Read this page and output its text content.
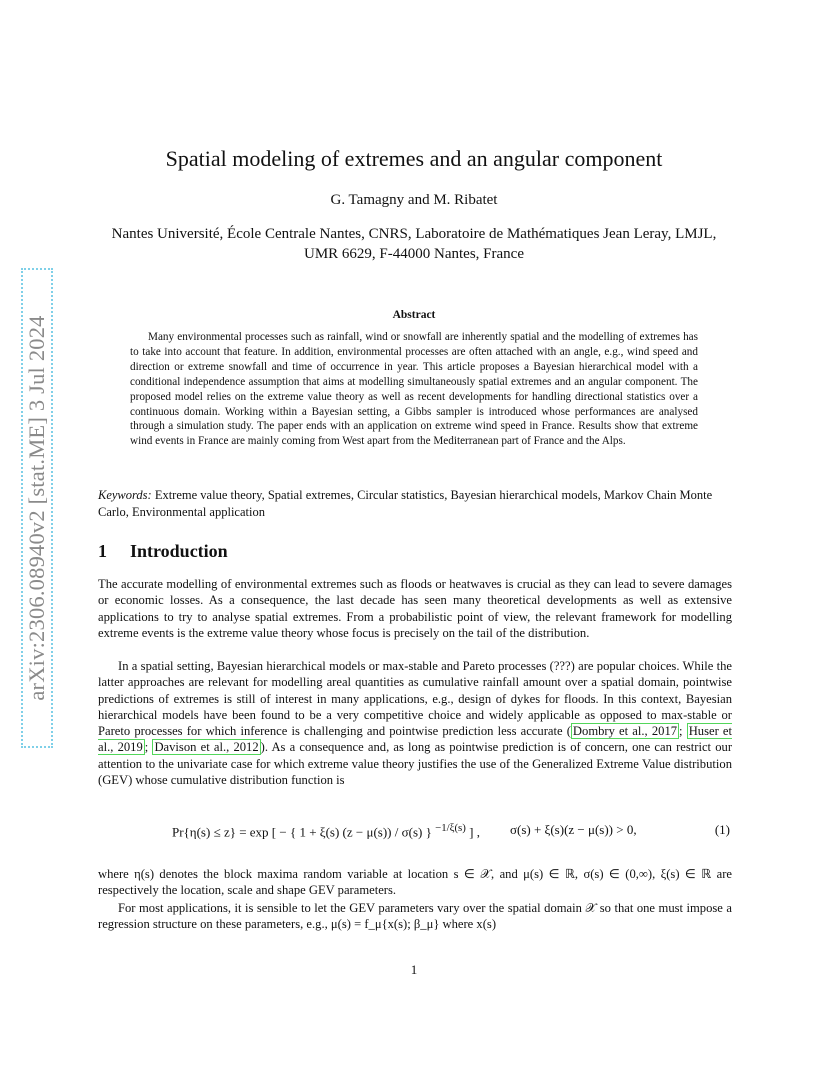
arXiv:2306.08940v2 [stat.ME] 3 Jul 2024
Spatial modeling of extremes and an angular component
G. Tamagny and M. Ribatet
Nantes Université, École Centrale Nantes, CNRS, Laboratoire de Mathématiques Jean Leray, LMJL, UMR 6629, F-44000 Nantes, France
Abstract

Many environmental processes such as rainfall, wind or snowfall are inherently spatial and the modelling of extremes has to take into account that feature. In addition, environmental processes are often attached with an angle, e.g., wind speed and direction or extreme snowfall and time of occurrence in year. This article proposes a Bayesian hierarchical model with a conditional independence assumption that aims at modelling simultaneously spatial extremes and an angular component. The proposed model relies on the extreme value theory as well as recent developments for handling directional statistics over a continuous domain. Working within a Bayesian setting, a Gibbs sampler is introduced whose performances are analysed through a simulation study. The paper ends with an application on extreme wind speed in France. Results show that extreme wind events in France are mainly coming from West apart from the Mediterranean part of France and the Alps.

Keywords: Extreme value theory, Spatial extremes, Circular statistics, Bayesian hierarchical models, Markov Chain Monte Carlo, Environmental application

1 Introduction

The accurate modelling of environmental extremes such as floods or heatwaves is crucial as they can lead to severe damages or economic losses. As a consequence, the last decade has seen many theoretical developments as well as extensive applications to try to analyse spatial extremes. From a probabilistic point of view, the relevant framework for modelling extreme events is the extreme value theory whose focus is precisely on the tail of the distribution.

In a spatial setting, Bayesian hierarchical models or max-stable and Pareto processes (???) are popular choices. While the latter approaches are relevant for modelling areal quantities as cumulative rainfall amount over a spatial domain, pointwise predictions of extremes is still of interest in many applications, e.g., design of dykes for floods. In this context, Bayesian hierarchical models have been found to be a very competitive choice and widely applicable as opposed to max-stable or Pareto processes for which inference is challenging and pointwise prediction less accurate ( Dombry et al., 2017 ; Huser et al., 2019 ; Davison et al., 2012 ). As a consequence and, as long as pointwise prediction is of concern, one can restrict our attention to the univariate case for which extreme value theory justifies the use of the Generalized Extreme Value distribution (GEV) whose cumulative distribution function is

Pr{η(s) ≤ z} = exp [ − { 1 + ξ(s) (z − μ(s)) / σ(s) } $^{-1/\xi(s)}$ ] , σ(s) + ξ(s)(z − μ(s)) > 0,	(1)

where η(s) denotes the block maxima random variable at location s ∈ 𝒳, and μ(s) ∈ ℝ, σ(s) ∈ (0,∞), ξ(s) ∈ ℝ are respectively the location, scale and shape GEV parameters.

For most applications, it is sensible to let the GEV parameters vary over the spatial domain 𝒳 so that one must impose a regression structure on these parameters, e.g., μ(s) = f_μ{x(s); β_μ} where x(s)

1
